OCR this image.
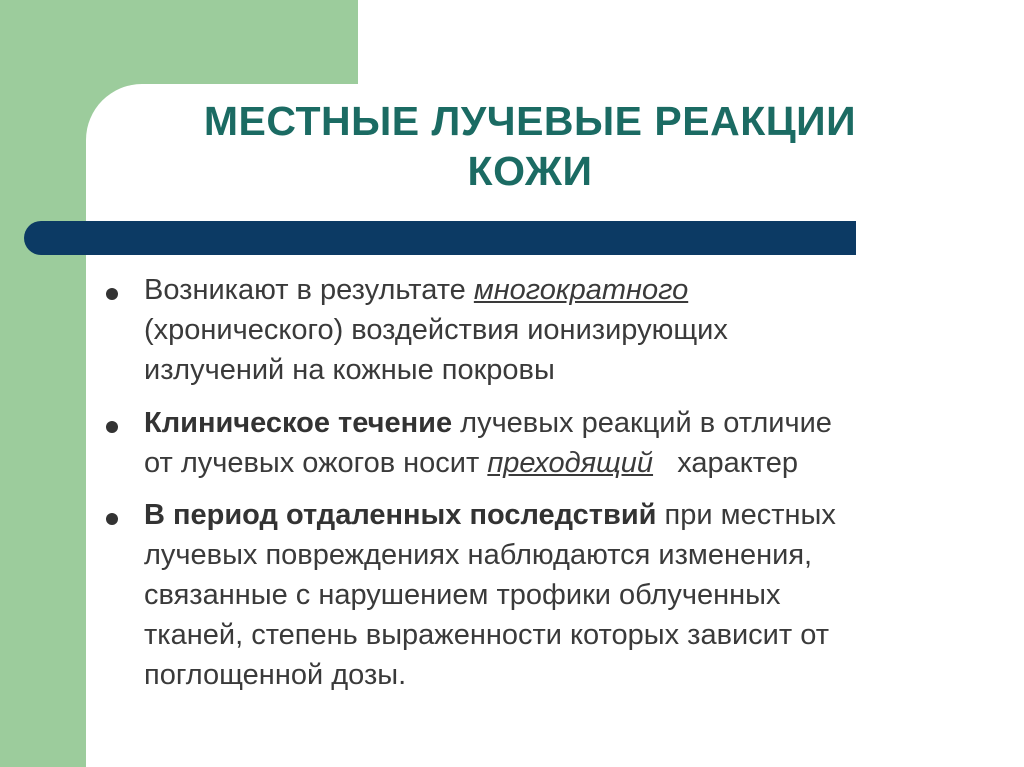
МЕСТНЫЕ ЛУЧЕВЫЕ РЕАКЦИИ
КОЖИ
Возникают в результате многократного
(хронического) воздействия ионизирующих
излучений на кожные покровы
Клиническое течение лучевых реакций в отличие
от лучевых ожогов носит преходящий   характер
В период отдаленных последствий при местных
лучевых повреждениях наблюдаются изменения,
связанные с нарушением трофики облученных
тканей, степень выраженности которых зависит от
поглощенной дозы.
